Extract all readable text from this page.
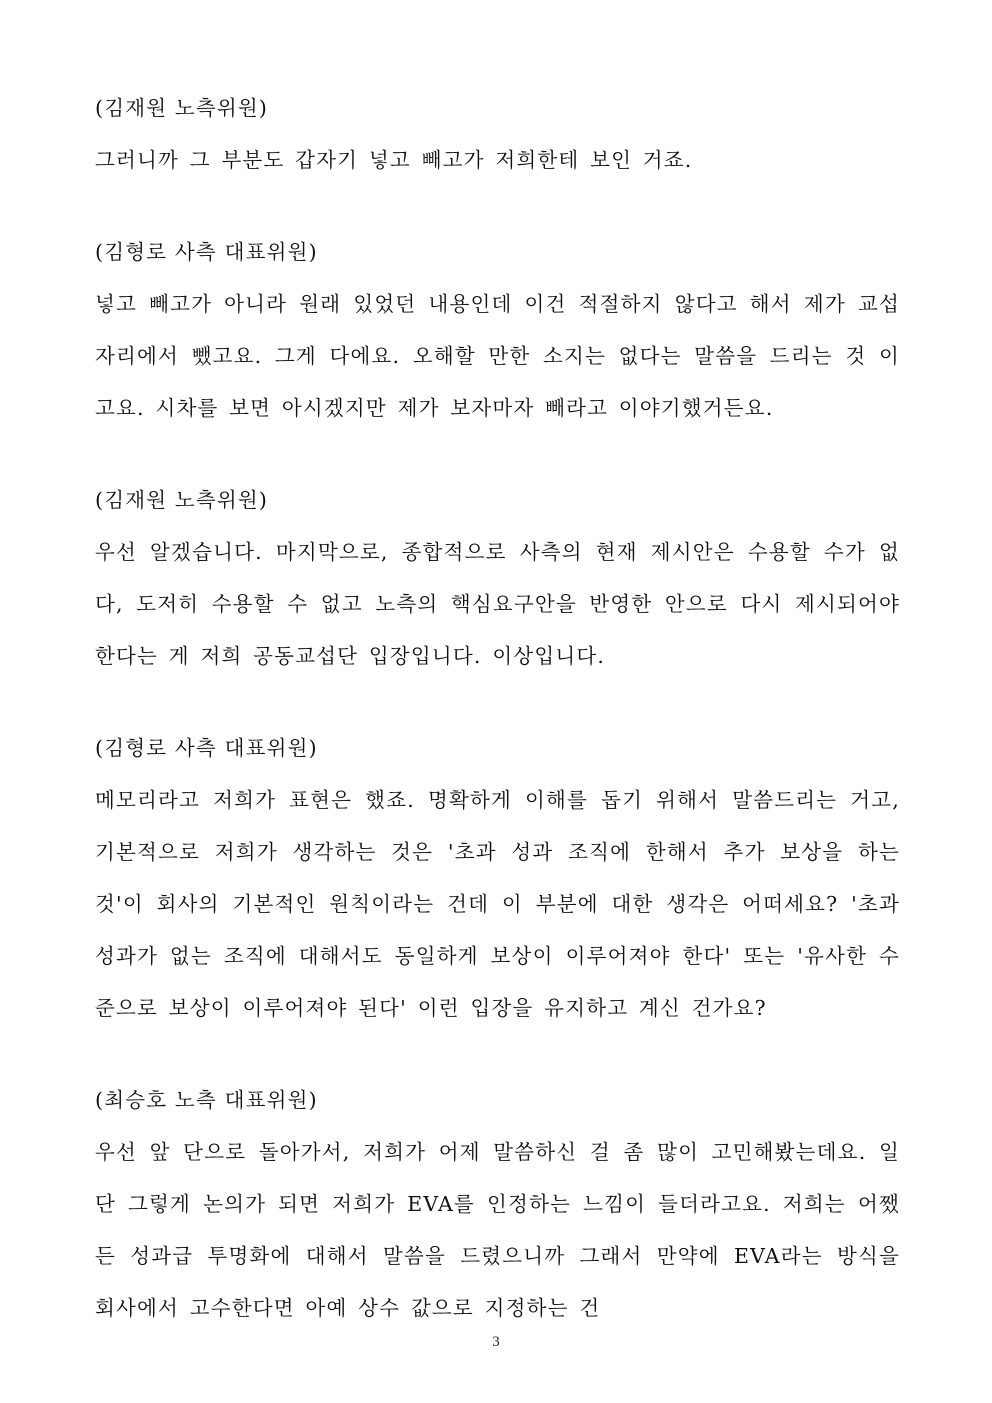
(김재원 노측위원)
그러니까 그 부분도 갑자기 넣고 빼고가 저희한테 보인 거죠.
(김형로 사측 대표위원)
넣고 빼고가 아니라 원래 있었던 내용인데 이건 적절하지 않다고 해서 제가 교섭 자리에서 뺐고요. 그게 다에요. 오해할 만한 소지는 없다는 말씀을 드리는 것 이고요. 시차를 보면 아시겠지만 제가 보자마자 빼라고 이야기했거든요.
(김재원 노측위원)
우선 알겠습니다. 마지막으로, 종합적으로 사측의 현재 제시안은 수용할 수가 없다, 도저히 수용할 수 없고 노측의 핵심요구안을 반영한 안으로 다시 제시되어야 한다는 게 저희 공동교섭단 입장입니다. 이상입니다.
(김형로 사측 대표위원)
메모리라고 저희가 표현은 했죠. 명확하게 이해를 돕기 위해서 말씀드리는 거고, 기본적으로 저희가 생각하는 것은 '초과 성과 조직에 한해서 추가 보상을 하는 것'이 회사의 기본적인 원칙이라는 건데 이 부분에 대한 생각은 어떠세요? '초과 성과가 없는 조직에 대해서도 동일하게 보상이 이루어져야 한다' 또는 '유사한 수준으로 보상이 이루어져야 된다' 이런 입장을 유지하고 계신 건가요?
(최승호 노측 대표위원)
우선 앞 단으로 돌아가서, 저희가 어제 말씀하신 걸 좀 많이 고민해봤는데요. 일단 그렇게 논의가 되면 저희가 EVA를 인정하는 느낌이 들더라고요. 저희는 어쨌든 성과급 투명화에 대해서 말씀을 드렸으니까 그래서 만약에 EVA라는 방식을 회사에서 고수한다면 아예 상수 값으로 지정하는 건
3
